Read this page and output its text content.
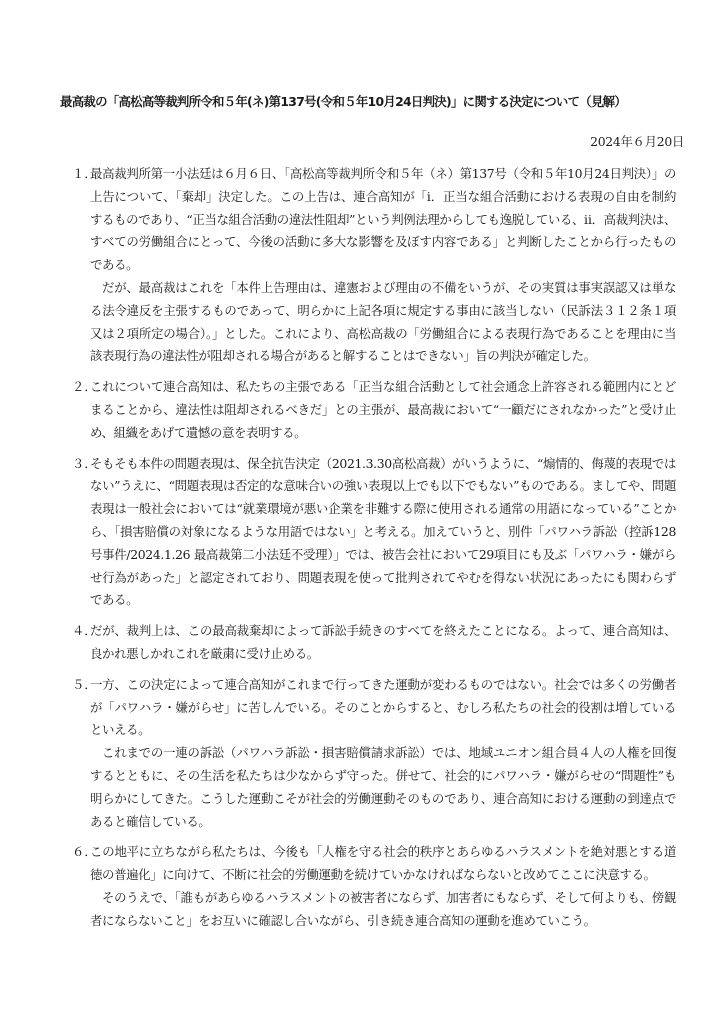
最高裁の「高松高等裁判所令和５年(ネ)第137号(令和５年10月24日判決)」に関する決定について（見解）
2024年６月20日
１．

最高裁判所第一小法廷は６月６日、「高松高等裁判所令和５年（ネ）第137号（令和５年10月24日判決）」の上告について、「棄却」決定した。この上告は、連合高知が「ⅰ．正当な組合活動における表現の自由を制約するものであり、“正当な組合活動の違法性阻却”という判例法理からしても逸脱している、ⅱ．高裁判決は、すべての労働組合にとって、今後の活動に多大な影響を及ぼす内容である」と判断したことから行ったものである。

だが、最高裁はこれを「本件上告理由は、違憲および理由の不備をいうが、その実質は事実誤認又は単なる法令違反を主張するものであって、明らかに上記各項に規定する事由に該当しない（民訴法３１２条１項又は２項所定の場合）。」とした。これにより、高松高裁の「労働組合による表現行為であることを理由に当該表現行為の違法性が阻却される場合があると解することはできない」旨の判決が確定した。

２．

これについて連合高知は、私たちの主張である「正当な組合活動として社会通念上許容される範囲内にとどまることから、違法性は阻却されるべきだ」との主張が、最高裁において“一顧だにされなかった”と受け止め、組織をあげて遺憾の意を表明する。

３．

そもそも本件の問題表現は、保全抗告決定（2021.3.30高松高裁）がいうように、“煽情的、侮蔑的表現ではない”うえに、“問題表現は否定的な意味合いの強い表現以上でも以下でもない”ものである。ましてや、問題表現は一般社会においては“就業環境が悪い企業を非難する際に使用される通常の用語になっている”ことから、「損害賠償の対象になるような用語ではない」と考える。加えていうと、別件「パワハラ訴訟（控訴128号事件/2024.1.26 最高裁第二小法廷不受理）」では、被告会社において29項目にも及ぶ「パワハラ・嫌がらせ行為があった」と認定されており、問題表現を使って批判されてやむを得ない状況にあったにも関わらずである。

４．

だが、裁判上は、この最高裁棄却によって訴訟手続きのすべてを終えたことになる。よって、連合高知は、良かれ悪しかれこれを厳粛に受け止める。

５．

一方、この決定によって連合高知がこれまで行ってきた運動が変わるものではない。社会では多くの労働者が「パワハラ・嫌がらせ」に苦しんでいる。そのことからすると、むしろ私たちの社会的役割は増しているといえる。

これまでの一連の訴訟（パワハラ訴訟・損害賠償請求訴訟）では、地域ユニオン組合員４人の人権を回復するとともに、その生活を私たちは少なからず守った。併せて、社会的にパワハラ・嫌がらせの“問題性”も明らかにしてきた。こうした運動こそが社会的労働運動そのものであり、連合高知における運動の到達点であると確信している。

６．

この地平に立ちながら私たちは、今後も「人権を守る社会的秩序とあらゆるハラスメントを絶対悪とする道徳の普遍化」に向けて、不断に社会的労働運動を続けていかなければならないと改めてここに決意する。

そのうえで、「誰もがあらゆるハラスメントの被害者にならず、加害者にもならず、そして何よりも、傍観者にならないこと」をお互いに確認し合いながら、引き続き連合高知の運動を進めていこう。
